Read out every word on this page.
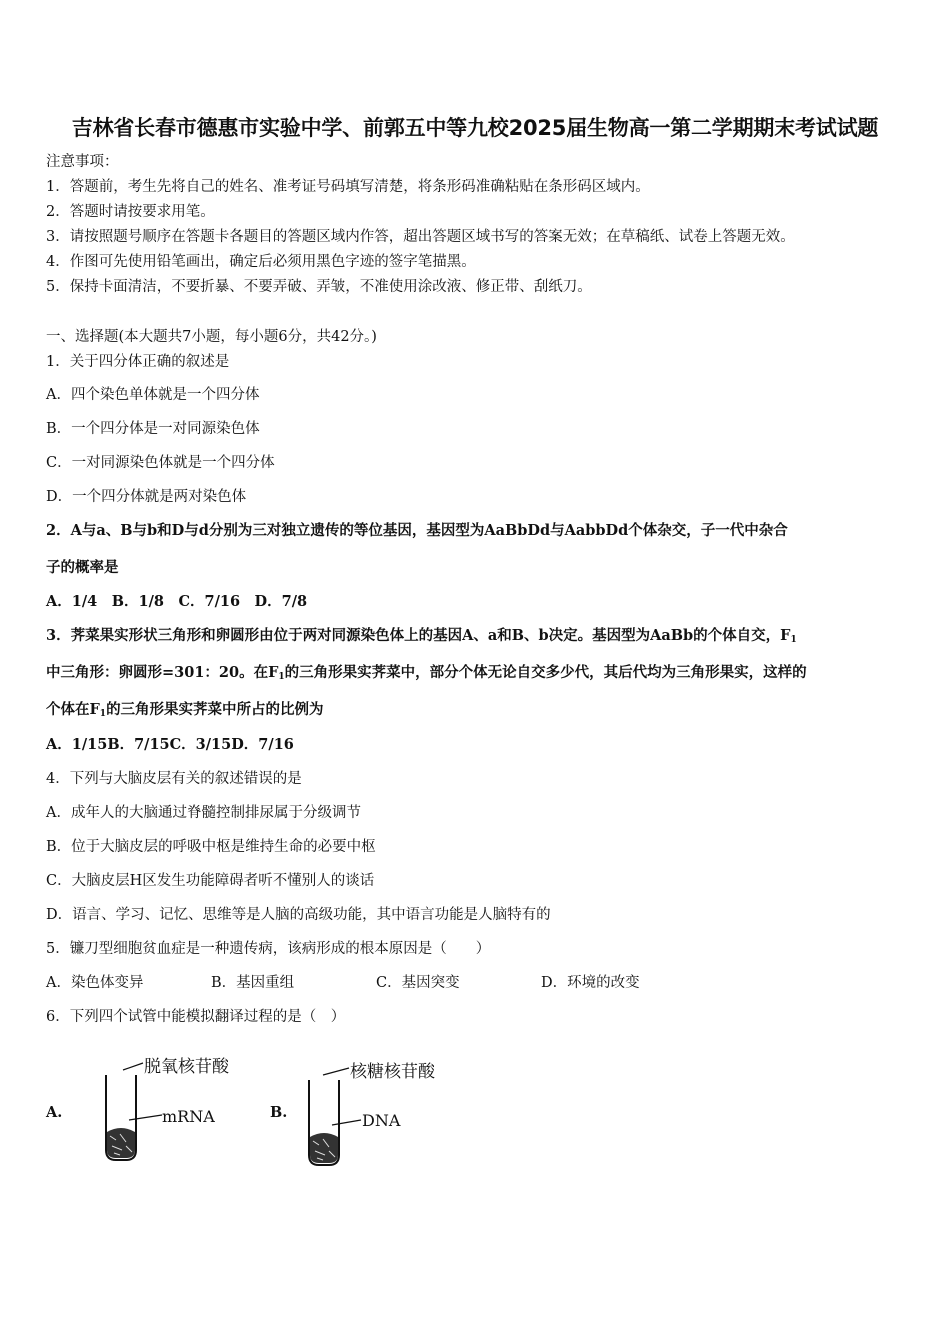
吉林省长春市德惠市实验中学、前郭五中等九校2025届生物高一第二学期期末考试试题
注意事项：
1．答题前，考生先将自己的姓名、准考证号码填写清楚，将条形码准确粘贴在条形码区域内。
2．答题时请按要求用笔。
3．请按照题号顺序在答题卡各题目的答题区域内作答，超出答题区域书写的答案无效；在草稿纸、试卷上答题无效。
4．作图可先使用铅笔画出，确定后必须用黑色字迹的签字笔描黑。
5．保持卡面清洁，不要折暴、不要弄破、弄皱，不准使用涂改液、修正带、刮纸刀。
一、选择题(本大题共7小题，每小题6分，共42分。)
1．关于四分体正确的叙述是
A．四个染色单体就是一个四分体
B．一个四分体是一对同源染色体
C．一对同源染色体就是一个四分体
D．一个四分体就是两对染色体
2．A与a、B与b和D与d分别为三对独立遗传的等位基因，基因型为AaBbDd与AabbDd个体杂交，子一代中杂合
子的概率是
A．1/4　B．1/8　C．7/16　D．7/8
3．荠菜果实形状三角形和卵圆形由位于两对同源染色体上的基因A、a和B、b决定。基因型为AaBb的个体自交，$F_1$
中三角形：卵圆形=301：20。在$F_1$的三角形果实荠菜中，部分个体无论自交多少代，其后代均为三角形果实，这样的
个体在$F_1$的三角形果实荠菜中所占的比例为
A．1/15B．7/15C．3/15D．7/16
4．下列与大脑皮层有关的叙述错误的是
A．成年人的大脑通过脊髓控制排尿属于分级调节
B．位于大脑皮层的呼吸中枢是维持生命的必要中枢
C．大脑皮层H区发生功能障碍者听不懂别人的谈话
D．语言、学习、记忆、思维等是人脑的高级功能，其中语言功能是人脑特有的
5．镰刀型细胞贫血症是一种遗传病，该病形成的根本原因是（　　）
A．染色体变异	B．基因重组	C．基因突变	D．环境的改变
6．下列四个试管中能模拟翻译过程的是（　）
A.
脱氧核苷酸
mRNA	B.
核糖核苷酸
DNA
